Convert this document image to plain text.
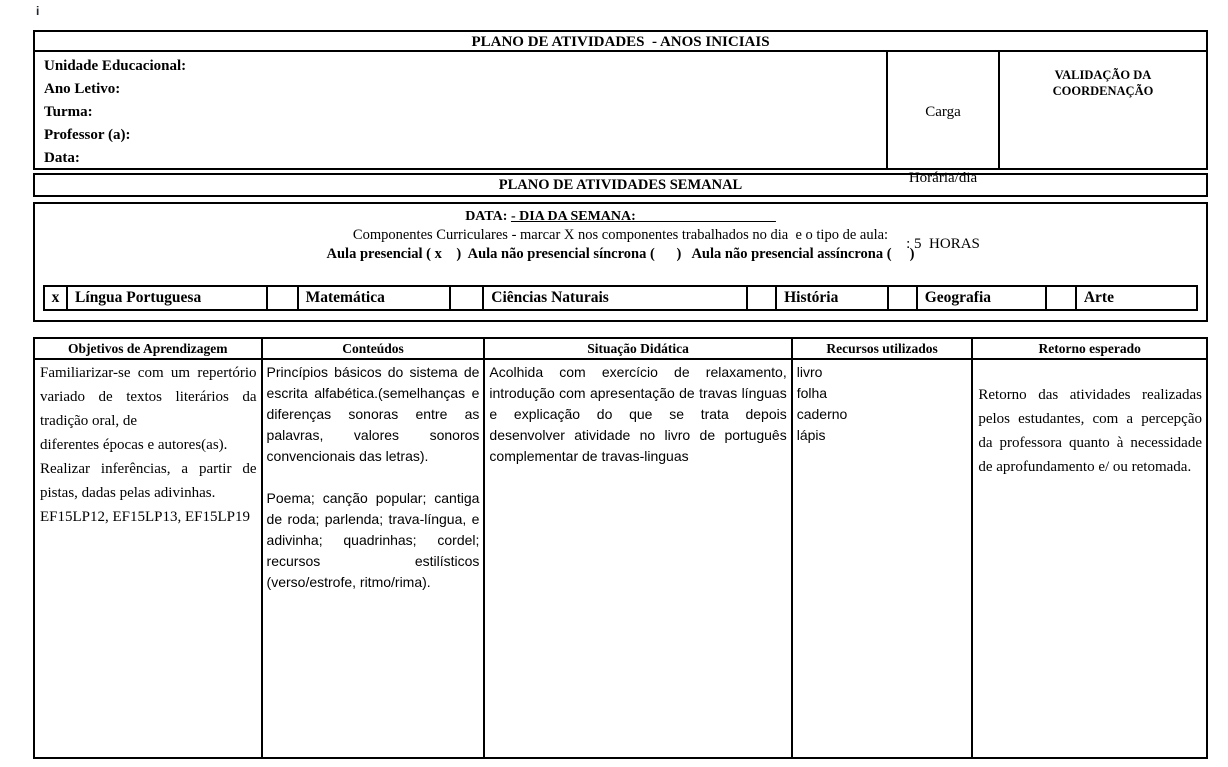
i
PLANO DE ATIVIDADES  - ANOS INICIAIS
Unidade Educacional:
Ano Letivo:
Turma:
Professor (a):
Data:

Carga

Horária/dia

: 5  HORAS

VALIDAÇÃO DA
COORDENAÇÃO
PLANO DE ATIVIDADES SEMANAL
DATA: - DIA DA SEMANA:____________________
Componentes Curriculares - marcar X nos componentes trabalhados no dia  e o tipo de aula:
Aula presencial ( x    )  Aula não presencial síncrona (      )   Aula não presencial assíncrona (     )
x	Língua Portuguesa		Matemática		Ciências Naturais		História		Geografia		Arte
Objetivos de Aprendizagem	Conteúdos	Situação Didática	Recursos utilizados	Retorno esperado

Familiarizar-se com um repertório variado de textos literários da tradição oral, de
diferentes épocas e autores(as).
Realizar inferências, a partir de pistas, dadas pelas adivinhas.
EF15LP12, EF15LP13, EF15LP19

Princípios básicos do sistema de escrita alfabética.(semelhanças e diferenças sonoras entre as palavras, valores sonoros convencionais das letras).
Poema; canção popular; cantiga de roda; parlenda; trava-língua, e adivinha; quadrinhas; cordel; recursos estilísticos (verso/estrofe, ritmo/rima).

Acolhida com exercício de relaxamento, introdução com apresentação de travas línguas e explicação do que se trata depois desenvolver atividade no livro de português complementar de travas-linguas

livro
folha
caderno
lápis

Retorno das atividades realizadas pelos estudantes, com a percepção da professora quanto à necessidade de aprofundamento e/ ou retomada.
